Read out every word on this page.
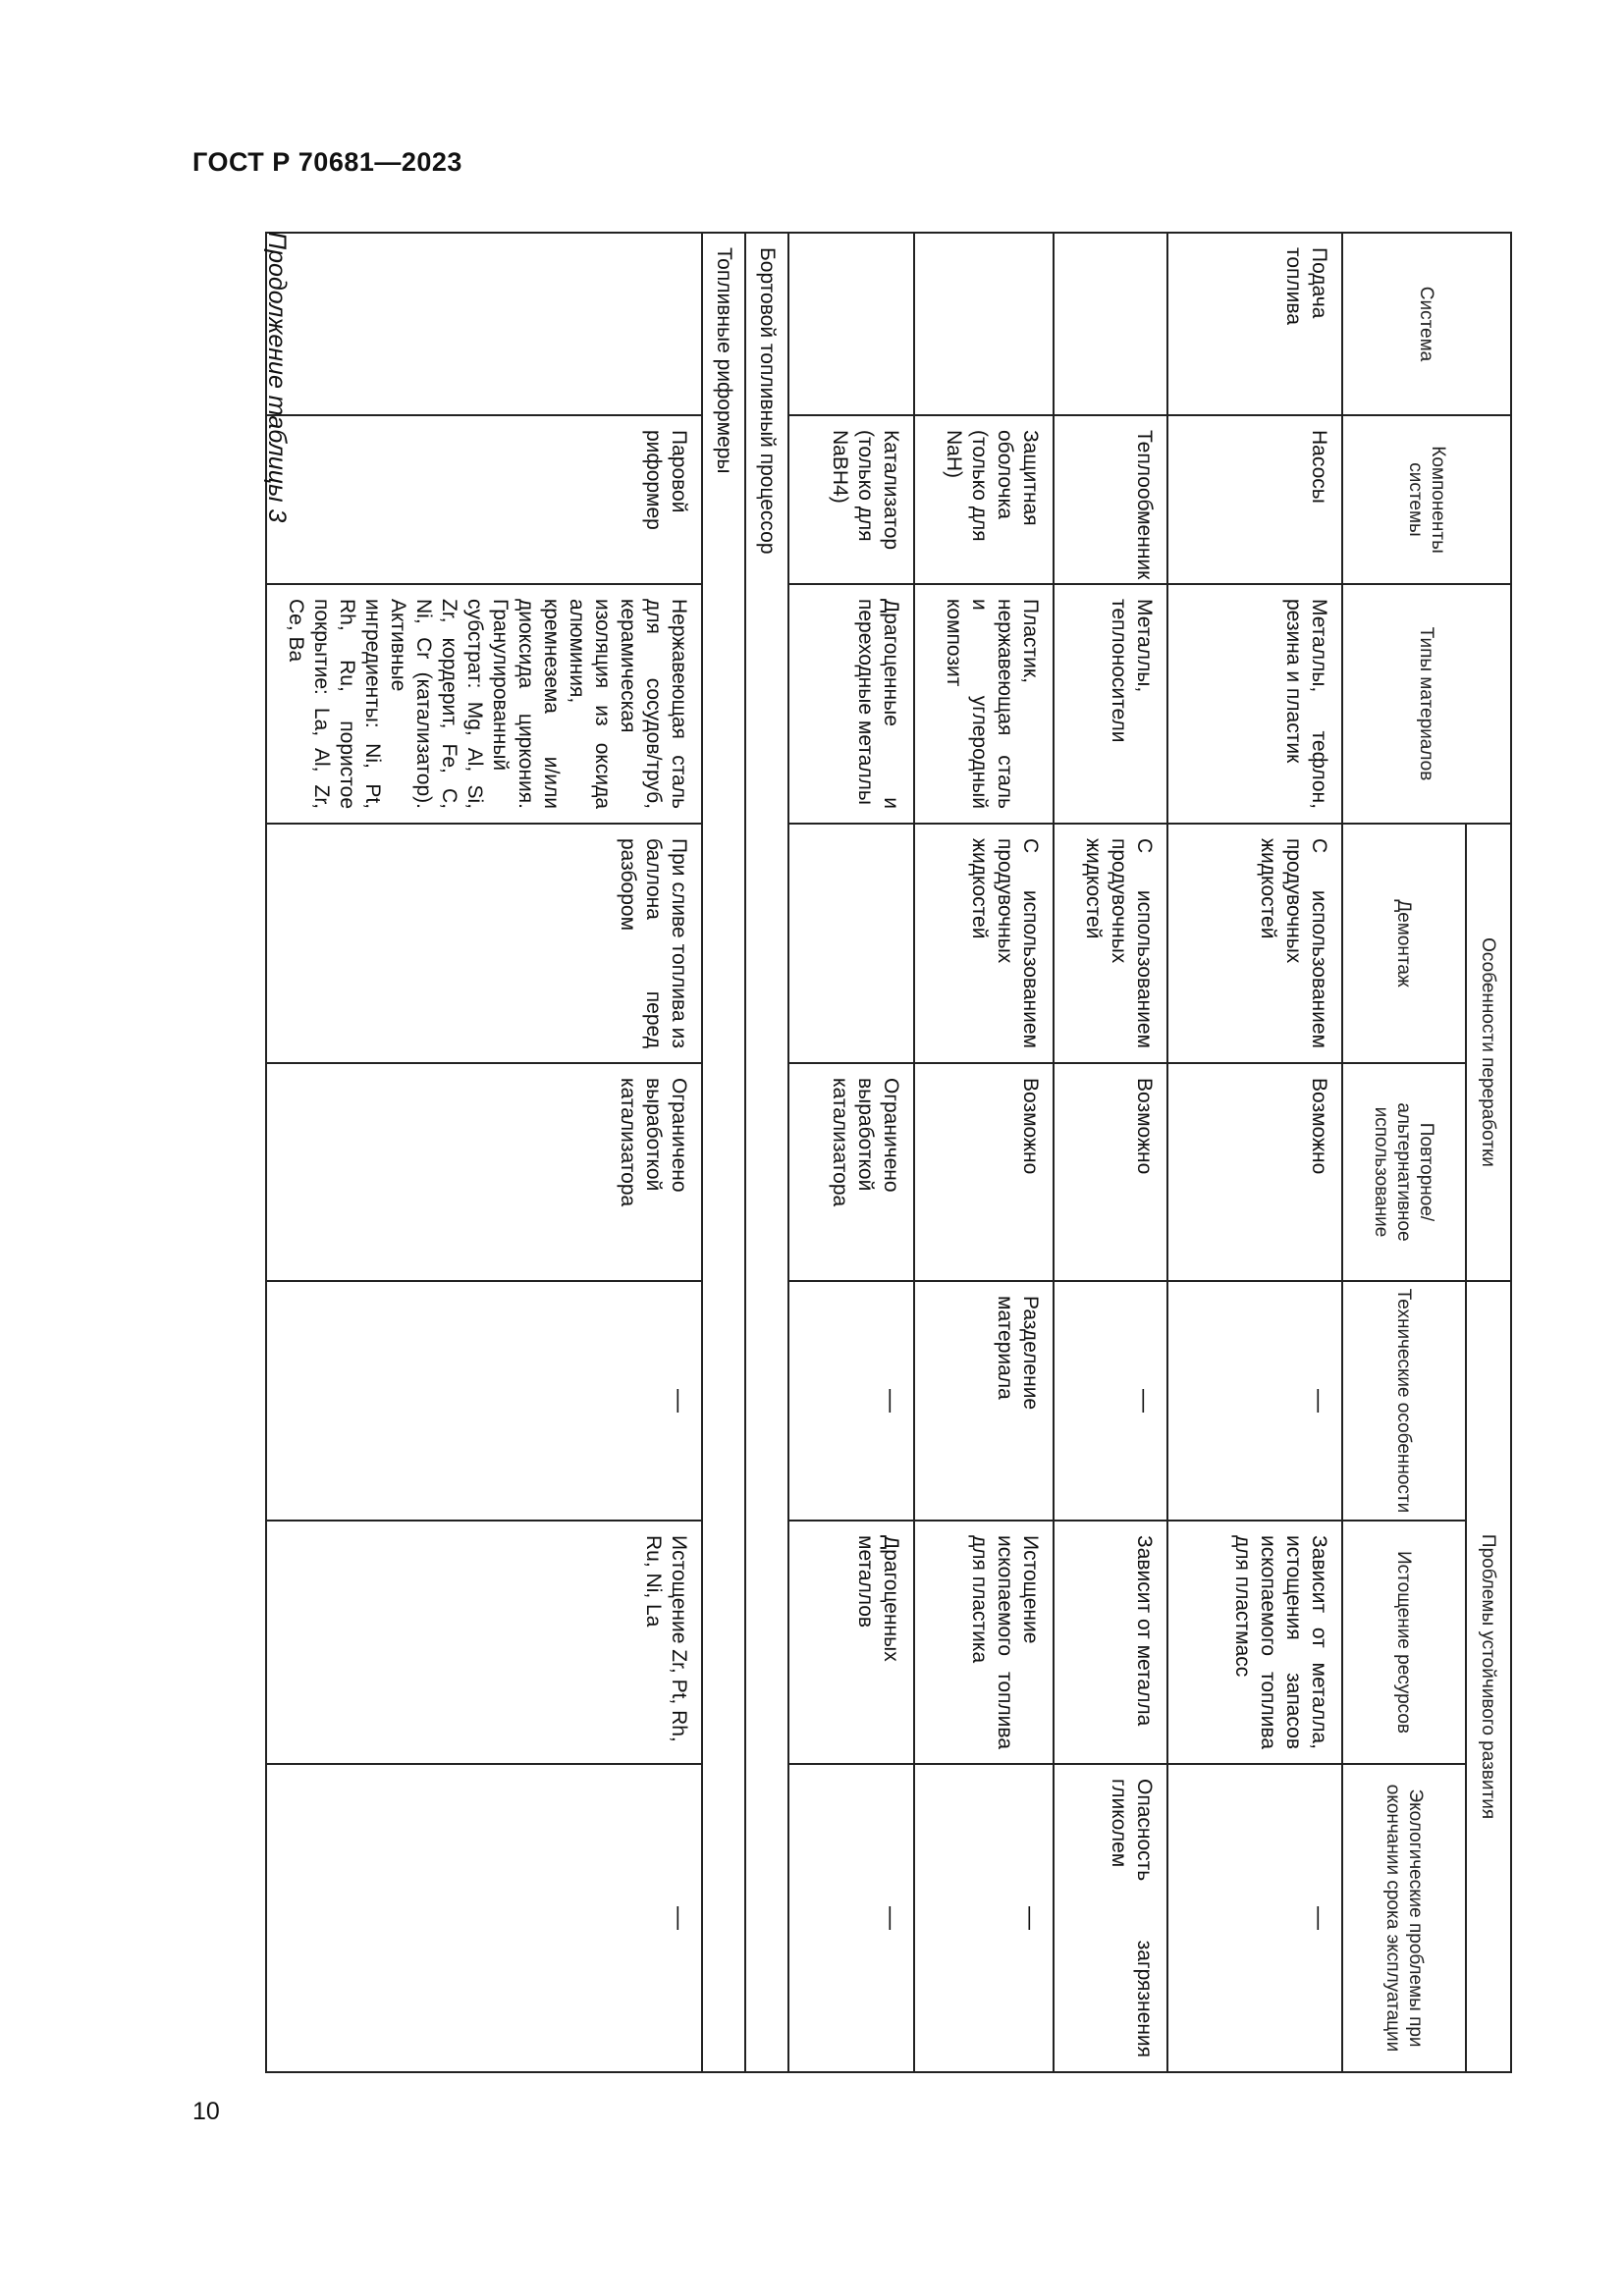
ГОСТ Р 70681—2023
10
Система	Компоненты системы	Типы материалов	Особенности переработки		Проблемы устойчивого развития		
			Демонтаж	Повторное/ альтернативное использование	Технические особенности	Истощение ресурсов	Экологические проблемы при окончании срока эксплуатации
Подача топлива	Насосы	Металлы, тефлон, резина и пластик	С использованием продувочных жидкостей	Возможно	—	Зависит от металла, истощения запасов ископаемого топлива для пластмасс	—
	Теплообменник	Металлы, теплоносители	С использованием продувочных жидкостей	Возможно	—	Зависит от металла	Опасность загрязнения гликолем
	Защитная оболочка (только для NaH)	Пластик, нержавеющая сталь и углеродный композит	С использованием продувочных жидкостей	Возможно	Разделение материала	Истощение ископаемого топлива для пластика	—
	Катализатор (только для NaBH4)	Драгоценные и переходные металлы		Ограничено выработкой катализатора	—	Драгоценных металлов	—
Бортовой топливный процессор							
Топливные риформеры							
	Паровой риформер	Нержавеющая сталь для сосудов/труб, керамическая изоляция из оксида алюминия, кремнезема и/или диоксида циркония. Гранулированный субстрат: Mg, Al, Si, Zr, кордерит, Fe, C, Ni, Cr (катализатор). Активные ингредиенты: Ni, Pt, Rh, Ru, пористое покрытие: La, Al, Zr, Ce, Ba	При сливе топлива из баллона перед разбором	Ограничено выработкой катализатора	—	Истощение Zr, Pt, Rh, Ru, Ni, La	—
Продолжение таблицы 3
